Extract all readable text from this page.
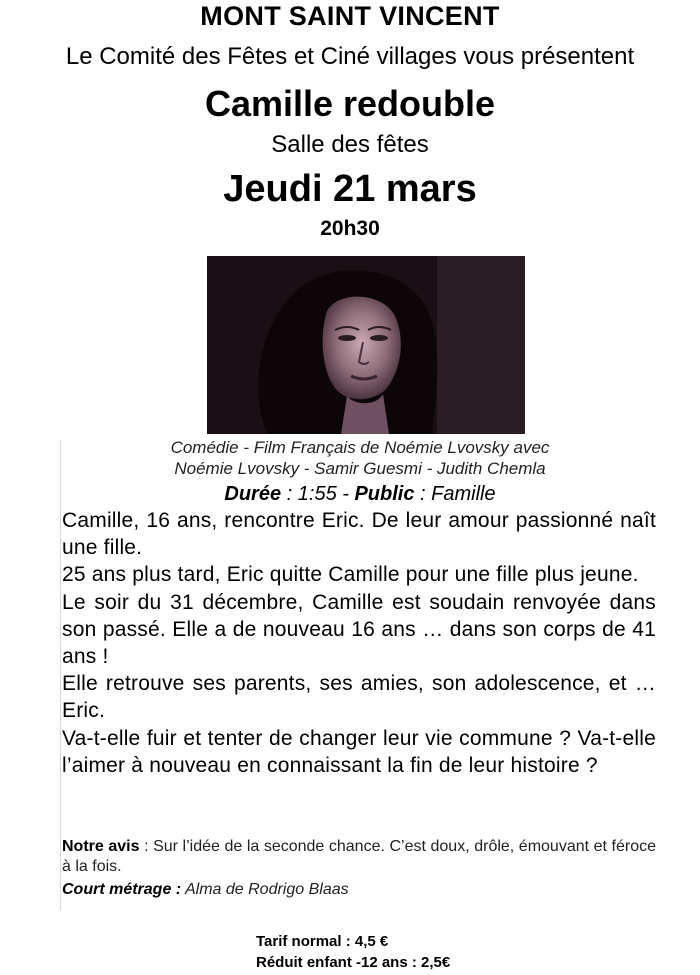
MONT SAINT VINCENT
Le Comité des Fêtes et Ciné villages vous présentent
Camille redouble
Salle des fêtes
Jeudi 21 mars
20h30
Comédie - Film Français de Noémie Lvovsky avec
Noémie Lvovsky - Samir Guesmi - Judith Chemla
Durée : 1:55 - Public : Famille

Camille, 16 ans, rencontre Eric. De leur amour passionné naît une fille.

25 ans plus tard, Eric quitte Camille pour une fille plus jeune.

Le soir du 31 décembre, Camille est soudain renvoyée dans son passé. Elle a de nouveau 16 ans … dans son corps de 41 ans !

Elle retrouve ses parents, ses amies, son adolescence, et … Eric.

Va-t-elle fuir et tenter de changer leur vie commune ? Va-t-elle l’aimer à nouveau en connaissant la fin de leur histoire ?

Notre avis : Sur l’idée de la seconde chance. C’est doux, drôle, émouvant et féroce à la fois.

Court métrage : Alma de Rodrigo Blaas
Tarif normal : 4,5 €
Réduit enfant -12 ans : 2,5€
